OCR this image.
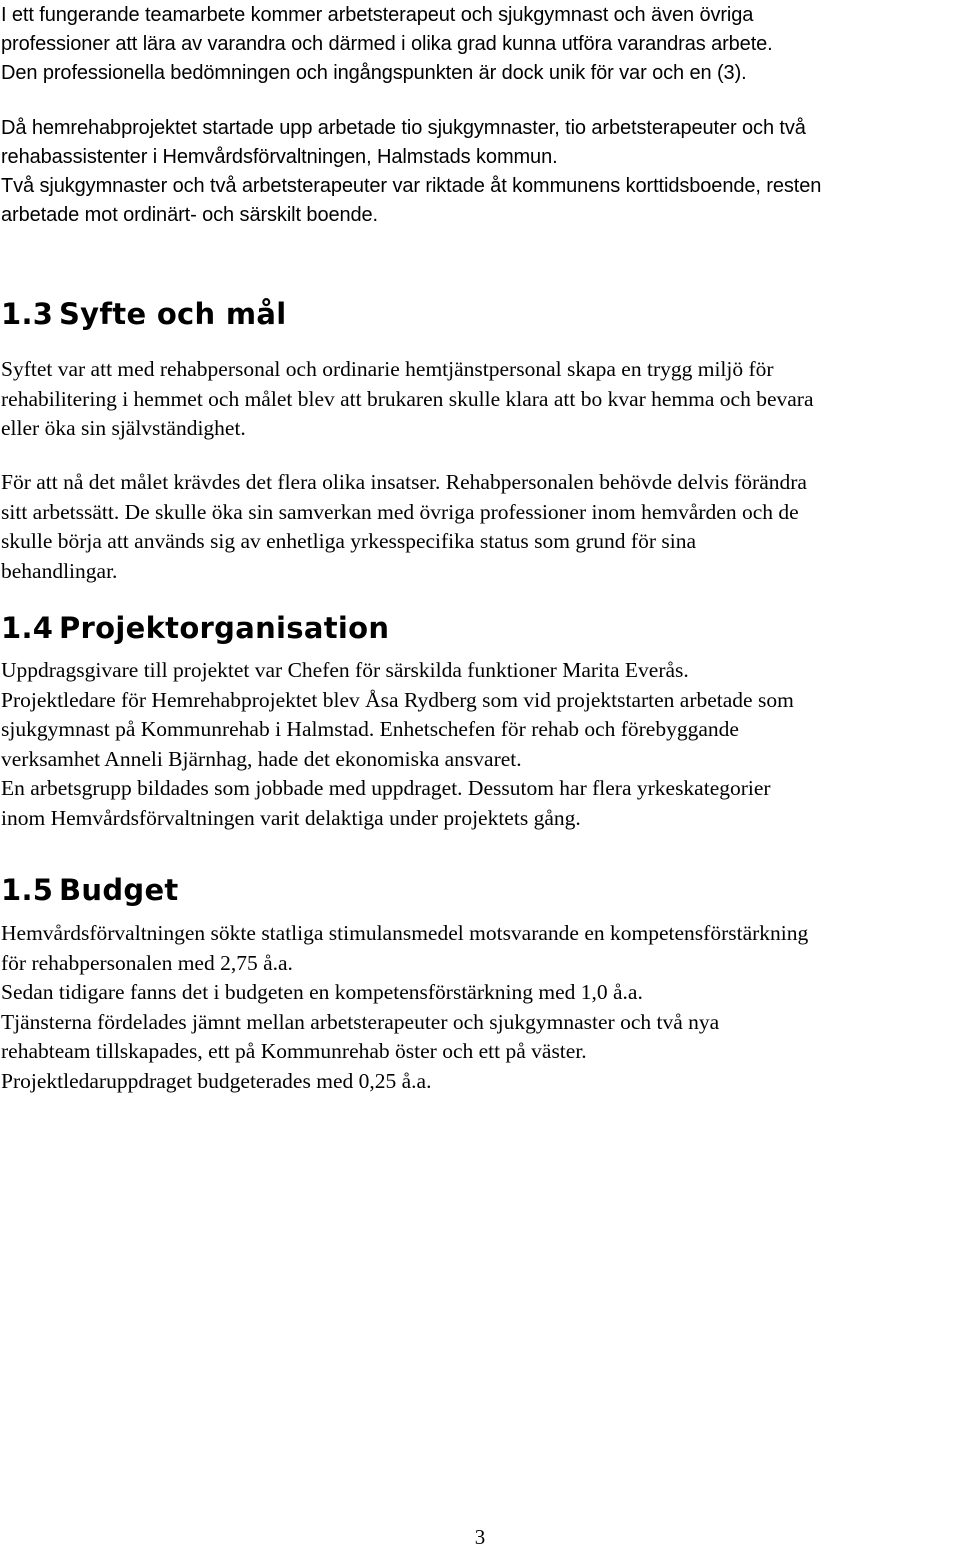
I ett fungerande teamarbete kommer arbetsterapeut och sjukgymnast och även övriga
professioner att lära av varandra och därmed i olika grad kunna utföra varandras arbete.
Den professionella bedömningen och ingångspunkten är dock unik för var och en (3).

Då hemrehabprojektet startade upp arbetade tio sjukgymnaster, tio arbetsterapeuter och två
rehabassistenter i Hemvårdsförvaltningen, Halmstads kommun.
Två sjukgymnaster och två arbetsterapeuter var riktade åt kommunens korttidsboende, resten
arbetade mot ordinärt- och särskilt boende.

1.3 Syfte och mål

Syftet var att med rehabpersonal och ordinarie hemtjänstpersonal skapa en trygg miljö för
rehabilitering i hemmet och målet blev att brukaren skulle klara att bo kvar hemma och bevara
eller öka sin självständighet.

För att nå det målet krävdes det flera olika insatser. Rehabpersonalen behövde delvis förändra
sitt arbetssätt. De skulle öka sin samverkan med övriga professioner inom hemvården och de
skulle börja att används sig av enhetliga yrkesspecifika status som grund för sina
behandlingar.

1.4 Projektorganisation

Uppdragsgivare till projektet var Chefen för särskilda funktioner Marita Everås.
Projektledare för Hemrehabprojektet blev Åsa Rydberg som vid projektstarten arbetade som
sjukgymnast på Kommunrehab i Halmstad. Enhetschefen för rehab och förebyggande
verksamhet Anneli Bjärnhag, hade det ekonomiska ansvaret.
En arbetsgrupp bildades som jobbade med uppdraget. Dessutom har flera yrkeskategorier
inom Hemvårdsförvaltningen varit delaktiga under projektets gång.

1.5 Budget

Hemvårdsförvaltningen sökte statliga stimulansmedel motsvarande en kompetensförstärkning
för rehabpersonalen med 2,75 å.a.
Sedan tidigare fanns det i budgeten en kompetensförstärkning med 1,0 å.a.
Tjänsterna fördelades jämnt mellan arbetsterapeuter och sjukgymnaster och två nya
rehabteam tillskapades, ett på Kommunrehab öster och ett på väster.
Projektledaruppdraget budgeterades med 0,25 å.a.

3
